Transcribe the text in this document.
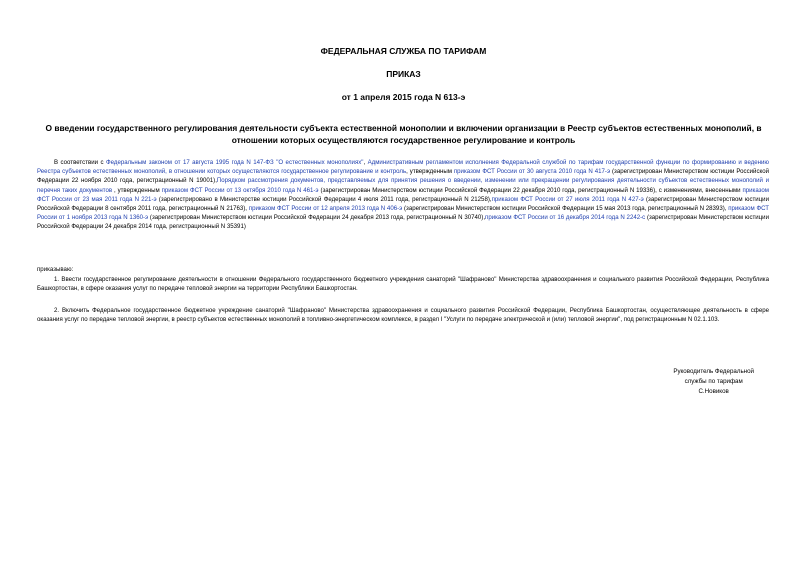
ФЕДЕРАЛЬНАЯ СЛУЖБА ПО ТАРИФАМ
ПРИКАЗ
от 1 апреля 2015 года N 613-э
О введении государственного регулирования деятельности субъекта естественной монополии и включении организации в Реестр субъектов естественных монополий, в отношении которых осуществляются государственное регулирование и контроль
В соответствии с Федеральным законом от 17 августа 1995 года N 147-ФЗ "О естественных монополиях", Административным регламентом исполнения Федеральной службой по тарифам государственной функции по формированию и ведению Реестра субъектов естественных монополий, в отношении которых осуществляются государственное регулирование и контроль, утвержденным приказом ФСТ России от 30 августа 2010 года N 417-э (зарегистрирован Министерством юстиции Российской Федерации 22 ноября 2010 года, регистрационный N 19001),Порядком рассмотрения документов, представляемых для принятия решения о введении, изменении или прекращении регулирования деятельности субъектов естественных монополий и перечня таких документов , утвержденным приказом ФСТ России от 13 октября 2010 года N 461-э (зарегистрирован Министерством юстиции Российской Федерации 22 декабря 2010 года, регистрационный N 19336), с изменениями, внесенными приказом ФСТ России от 23 мая 2011 года N 221-э (зарегистрировано в Министерстве юстиции Российской Федерации 4 июля 2011 года, регистрационный N 21258),приказом ФСТ России от 27 июля 2011 года N 427-э (зарегистрирован Министерством юстиции Российской Федерации 8 сентября 2011 года, регистрационный N 21763), приказом ФСТ России от 12 апреля 2013 года N 406-э (зарегистрирован Министерством юстиции Российской Федерации 15 мая 2013 года, регистрационный N 28393), приказом ФСТ России от 1 ноября 2013 года N 1360-э (зарегистрирован Министерством юстиции Российской Федерации 24 декабря 2013 года, регистрационный N 30740),приказом ФСТ России от 16 декабря 2014 года N 2242-с (зарегистрирован Министерством юстиции Российской Федерации 24 декабря 2014 года, регистрационный N 35391)
приказываю:
1. Ввести государственное регулирование деятельности в отношении Федерального государственного бюджетного учреждения санаторий "Шафраново" Министерства здравоохранения и социального развития Российской Федерации, Республика Башкортостан, в сфере оказания услуг по передаче тепловой энергии на территории Республики Башкортостан.
2. Включить Федеральное государственное бюджетное учреждение санаторий "Шафраново" Министерства здравоохранения и социального развития Российской Федерации, Республика Башкортостан, осуществляющее деятельность в сфере оказания услуг по передаче тепловой энергии, в реестр субъектов естественных монополий в топливно-энергетическом комплексе, в раздел I "Услуги по передаче электрической и (или) тепловой энергии", под регистрационным N 02.1.103.
Руководитель Федеральной
службы по тарифам
С.Новиков
